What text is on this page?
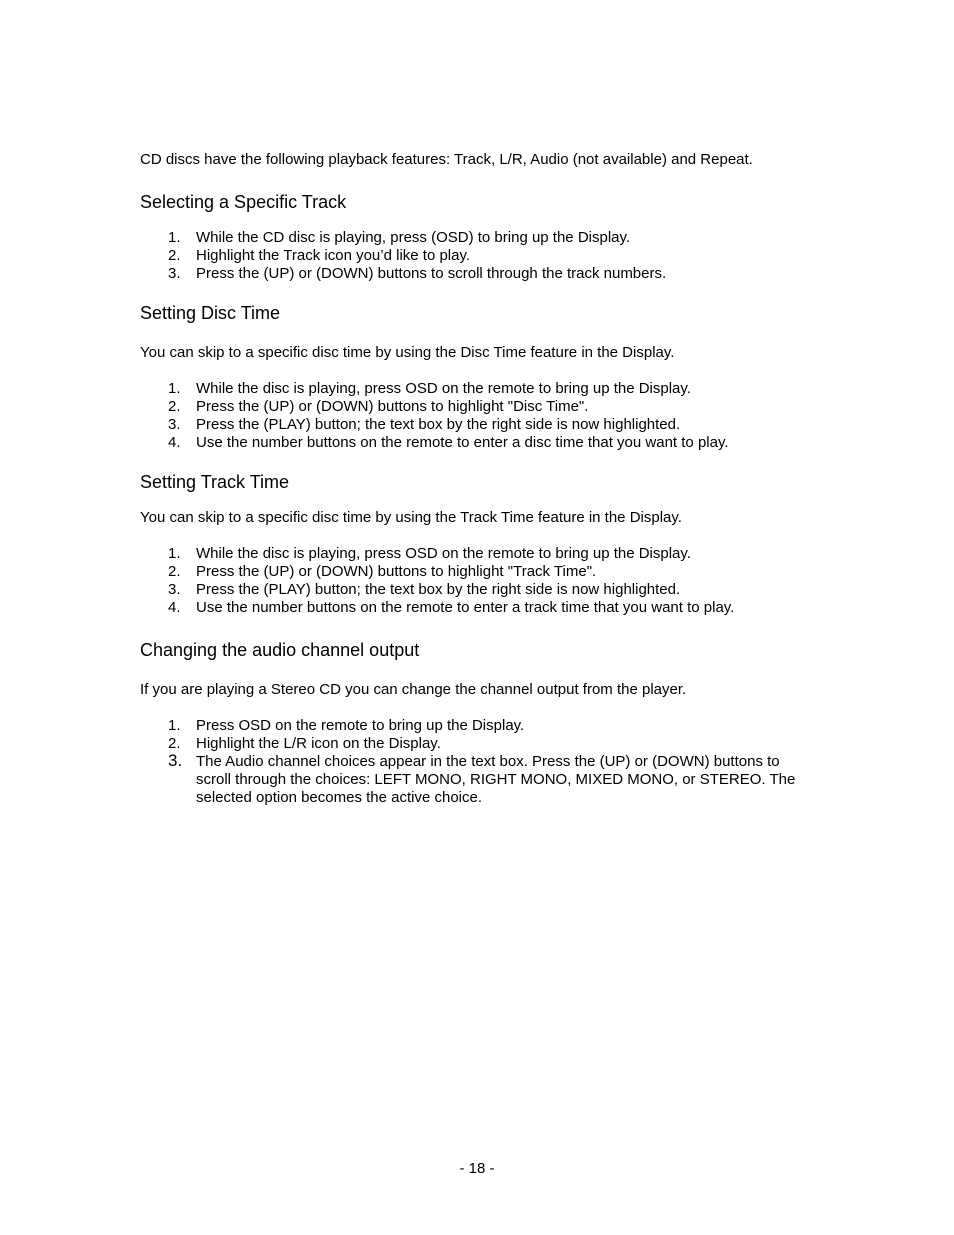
CD discs have the following playback features: Track, L/R, Audio (not available) and Repeat.
Selecting a Specific Track
1. While the CD disc is playing, press (OSD) to bring up the Display.
2. Highlight the Track icon you’d like to play.
3. Press the (UP) or (DOWN) buttons to scroll through the track numbers.
Setting Disc Time
You can skip to a specific disc time by using the Disc Time feature in the Display.
1. While the disc is playing, press OSD on the remote to bring up the Display.
2. Press the (UP) or (DOWN) buttons to highlight "Disc Time".
3. Press the (PLAY) button; the text box by the right side is now highlighted.
4. Use the number buttons on the remote to enter a disc time that you want to play.
Setting Track Time
You can skip to a specific disc time by using the Track Time feature in the Display.
1. While the disc is playing, press OSD on the remote to bring up the Display.
2. Press the (UP) or (DOWN) buttons to highlight "Track Time".
3. Press the (PLAY) button; the text box by the right side is now highlighted.
4. Use the number buttons on the remote to enter a track time that you want to play.
Changing the audio channel output
If you are playing a Stereo CD you can change the channel output from the player.
1. Press OSD on the remote to bring up the Display.
2. Highlight the L/R icon on the Display.
3. The Audio channel choices appear in the text box. Press the (UP) or (DOWN) buttons to scroll through the choices: LEFT MONO, RIGHT MONO, MIXED MONO, or STEREO. The selected option becomes the active choice.
- 18 -
